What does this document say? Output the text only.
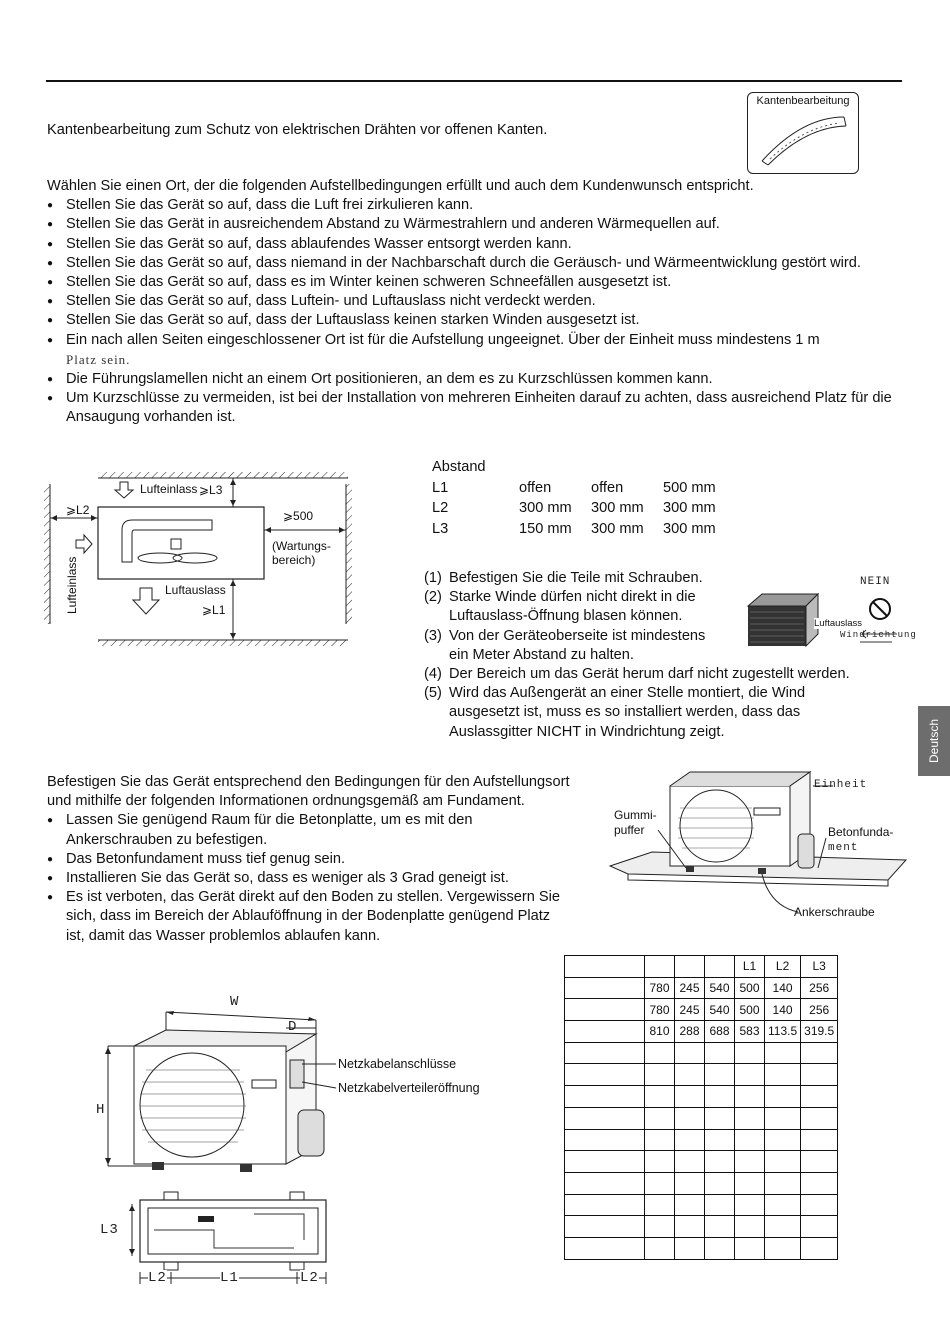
Kantenbearbeitung
Kantenbearbeitung zum Schutz von elektrischen Drähten vor offenen Kanten.
Wählen Sie einen Ort, der die folgenden Aufstellbedingungen erfüllt und auch dem Kundenwunsch entspricht.
● Stellen Sie das Gerät so auf, dass die Luft frei zirkulieren kann.
● Stellen Sie das Gerät in ausreichendem Abstand zu Wärmestrahlern und anderen Wärmequellen auf.
● Stellen Sie das Gerät so auf, dass ablaufendes Wasser entsorgt werden kann.
● Stellen Sie das Gerät so auf, dass niemand in der Nachbarschaft durch die Geräusch- und Wärmeentwicklung gestört wird.
● Stellen Sie das Gerät so auf, dass es im Winter keinen schweren Schneefällen ausgesetzt ist.
● Stellen Sie das Gerät so auf, dass Luftein- und Luftauslass nicht verdeckt werden.
● Stellen Sie das Gerät so auf, dass der Luftauslass keinen starken Winden ausgesetzt ist.
● Ein nach allen Seiten eingeschlossener Ort ist für die Aufstellung ungeeignet. Über der Einheit muss mindestens 1 m
Platz sein.
● Die Führungslamellen nicht an einem Ort positionieren, an dem es zu Kurzschlüssen kommen kann.
● Um Kurzschlüsse zu vermeiden, ist bei der Installation von mehreren Einheiten darauf zu achten, dass ausreichend Platz für die Ansaugung vorhanden ist.
Lufteinlass ⩾L3
⩾L2	⩾500
(Wartungs-
bereich)
Lufteinlass	Luftauslass
⩾L1
Abstand
L1	offen	offen	500 mm
L2	300 mm 300 mm 300 mm
L3	150 mm 300 mm 300 mm
(1) Befestigen Sie die Teile mit Schrauben.
(2) Starke Winde dürfen nicht direkt in die
Luftauslass-Öffnung blasen können.
(3) Von der Geräteoberseite ist mindestens
ein Meter Abstand zu halten.
(4) Der Bereich um das Gerät herum darf nicht zugestellt werden.
(5) Wird das Außengerät an einer Stelle montiert, die Wind
ausgesetzt ist, muss es so installiert werden, dass das
Auslassgitter NICHT in Windrichtung zeigt.
NEIN
Luftauslass
Windrichtung
Deutsch
Befestigen Sie das Gerät entsprechend den Bedingungen für den Aufstellungsort
und mithilfe der folgenden Informationen ordnungsgemäß am Fundament.
● Lassen Sie genügend Raum für die Betonplatte, um es mit den
Ankerschrauben zu befestigen.
● Das Betonfundament muss tief genug sein.
● Installieren Sie das Gerät so, dass es weniger als 3 Grad geneigt ist.
● Es ist verboten, das Gerät direkt auf den Boden zu stellen. Vergewissern Sie
sich, dass im Bereich der Ablauföffnung in der Bodenplatte genügend Platz
ist, damit das Wasser problemlos ablaufen kann.
Einheit
Gummi-
puffer	Betonfunda-
ment
Ankerschraube
W
D
H
Netzkabelanschlüsse
Netzkabelverteileröffnung
L3
L2	L1	L2
				L1	L2	L3
	780	245	540	500	140	256
	780	245	540	500	140	256
	810	288	688	583	113.5	319.5
